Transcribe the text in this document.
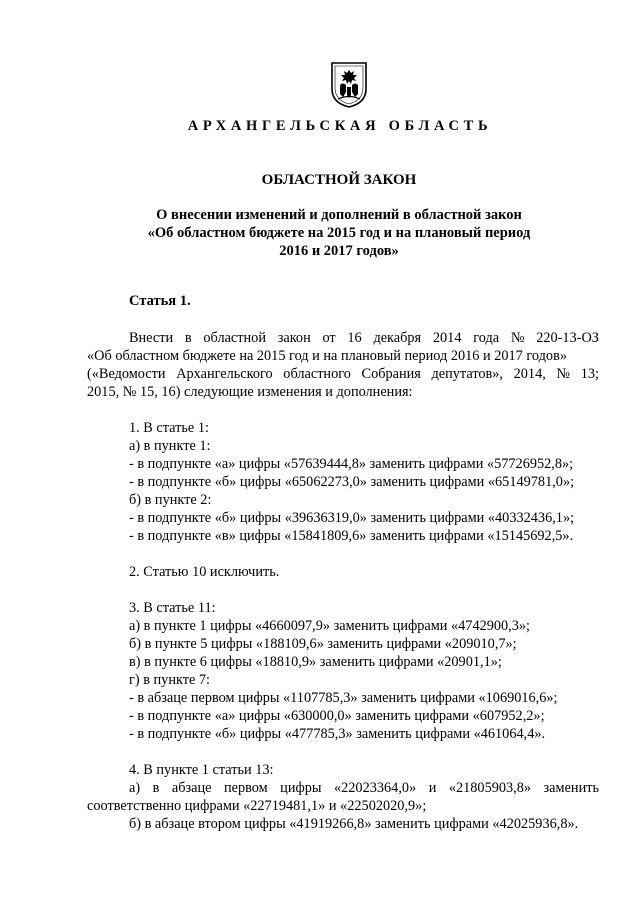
АРХАНГЕЛЬСКАЯ ОБЛАСТЬ
ОБЛАСТНОЙ ЗАКОН
О внесении изменений и дополнений в областной закон
«Об областном бюджете на 2015 год и на плановый период
2016 и 2017 годов»
Статья 1.
Внести в областной закон от 16 декабря 2014 года № 220-13-ОЗ
«Об областном бюджете на 2015 год и на плановый период 2016 и 2017 годов»
(«Ведомости Архангельского областного Собрания депутатов», 2014, № 13;
2015, № 15, 16) следующие изменения и дополнения:
1. В статье 1:
а) в пункте 1:
- в подпункте «а» цифры «57639444,8» заменить цифрами «57726952,8»;
- в подпункте «б» цифры «65062273,0» заменить цифрами «65149781,0»;
б) в пункте 2:
- в подпункте «б» цифры «39636319,0» заменить цифрами «40332436,1»;
- в подпункте «в» цифры «15841809,6» заменить цифрами «15145692,5».
2. Статью 10 исключить.
3. В статье 11:
а) в пункте 1 цифры «4660097,9» заменить цифрами «4742900,3»;
б) в пункте 5 цифры «188109,6» заменить цифрами «209010,7»;
в) в пункте 6 цифры «18810,9» заменить цифрами «20901,1»;
г) в пункте 7:
- в абзаце первом цифры «1107785,3» заменить цифрами «1069016,6»;
- в подпункте «а» цифры «630000,0» заменить цифрами «607952,2»;
- в подпункте «б» цифры «477785,3» заменить цифрами «461064,4».
4. В пункте 1 статьи 13:
а) в абзаце первом цифры «22023364,0» и «21805903,8» заменить
соответственно цифрами «22719481,1» и «22502020,9»;
б) в абзаце втором цифры «41919266,8» заменить цифрами «42025936,8».
